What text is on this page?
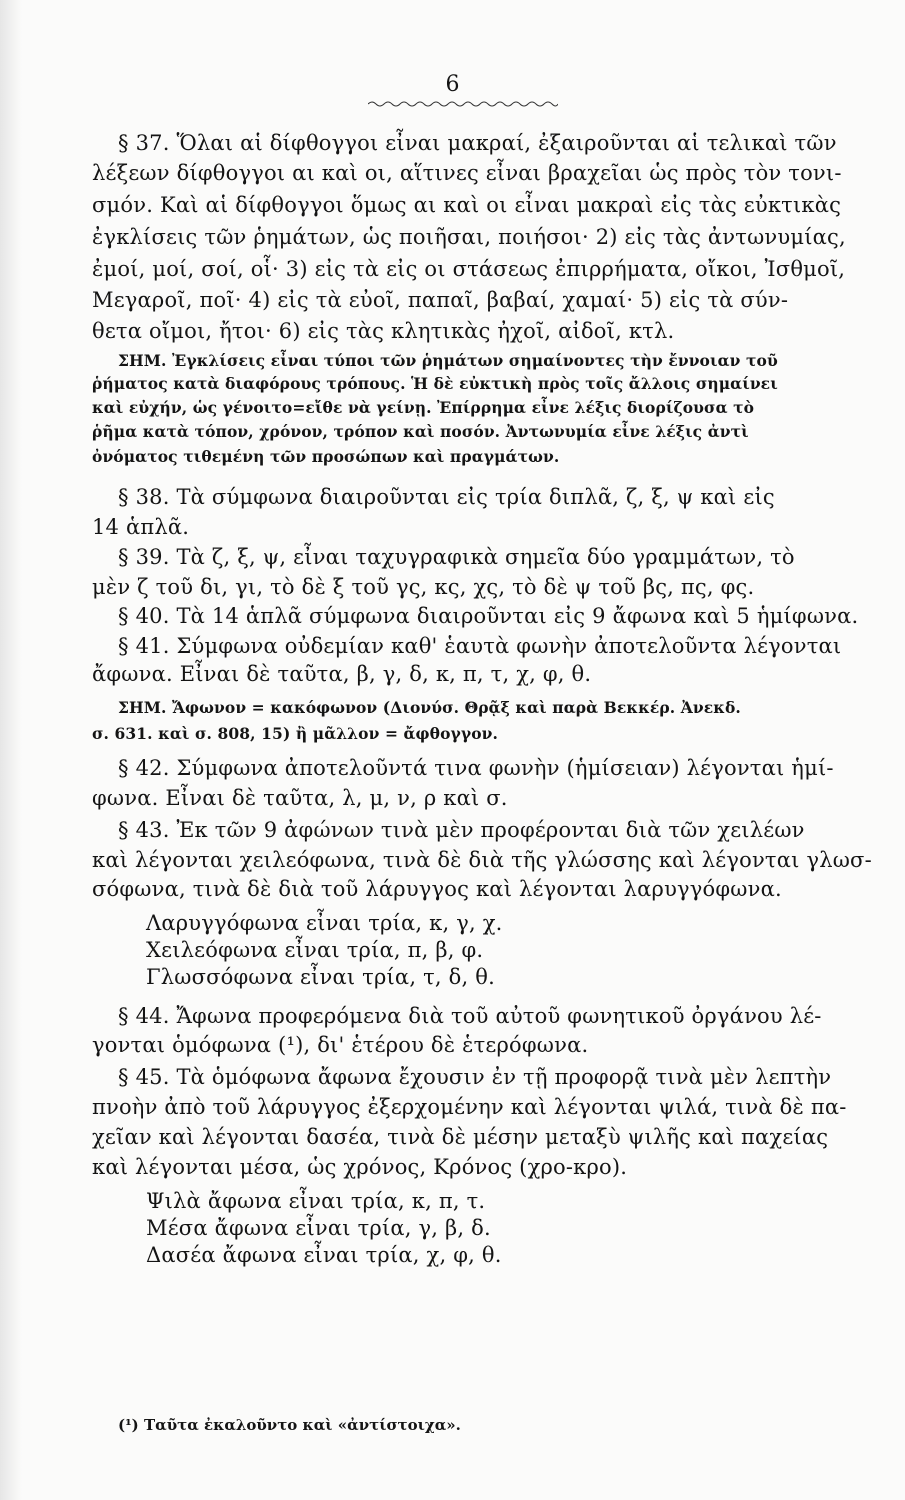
6
§ 37. Ὅλαι αἱ δίφθογγοι εἶναι μακραί, ἐξαιροῦνται αἱ τελικαὶ τῶν
λέξεων δίφθογγοι αι καὶ οι, αἵτινες εἶναι βραχεῖαι ὡς πρὸς τὸν τονι-
σμόν. Καὶ αἱ δίφθογγοι ὅμως αι καὶ οι εἶναι μακραὶ εἰς τὰς εὐκτικὰς
ἐγκλίσεις τῶν ῥημάτων, ὡς ποιῆσαι, ποιήσοι· 2) εἰς τὰς ἀντωνυμίας,
ἐμοί, μοί, σοί, οἷ· 3) εἰς τὰ εἰς οι στάσεως ἐπιρρήματα, οἴκοι, Ἰσθμοῖ,
Μεγαροῖ, ποῖ· 4) εἰς τὰ εὐοῖ, παπαῖ, βαβαί, χαμαί· 5) εἰς τὰ σύν-
θετα οἴμοι, ἤτοι· 6) εἰς τὰς κλητικὰς ἠχοῖ, αἰδοῖ, κτλ.
ΣΗΜ. Ἐγκλίσεις εἶναι τύποι τῶν ῥημάτων σημαίνοντες τὴν ἔννοιαν τοῦ
ῥήματος κατὰ διαφόρους τρόπους. Ἡ δὲ εὐκτικὴ πρὸς τοῖς ἄλλοις σημαίνει
καὶ εὐχήν, ὡς γένοιτο=εἴθε νὰ γείνῃ. Ἐπίρρημα εἶνε λέξις διορίζουσα τὸ
ῥῆμα κατὰ τόπον, χρόνον, τρόπον καὶ ποσόν. Ἀντωνυμία εἶνε λέξις ἀντὶ
ὀνόματος τιθεμένη τῶν προσώπων καὶ πραγμάτων.
§ 38. Τὰ σύμφωνα διαιροῦνται εἰς τρία διπλᾶ, ζ, ξ, ψ καὶ εἰς
14 ἁπλᾶ.
§ 39. Τὰ ζ, ξ, ψ, εἶναι ταχυγραφικὰ σημεῖα δύο γραμμάτων, τὸ
μὲν ζ τοῦ δι, γι, τὸ δὲ ξ τοῦ γς, κς, χς, τὸ δὲ ψ τοῦ βς, πς, φς.
§ 40. Τὰ 14 ἁπλᾶ σύμφωνα διαιροῦνται εἰς 9 ἄφωνα καὶ 5 ἡμίφωνα.
§ 41. Σύμφωνα οὐδεμίαν καθ' ἑαυτὰ φωνὴν ἀποτελοῦντα λέγονται
ἄφωνα. Εἶναι δὲ ταῦτα, β, γ, δ, κ, π, τ, χ, φ, θ.
ΣΗΜ. Ἄφωνον = κακόφωνον (Διονύσ. Θρᾷξ καὶ παρὰ Βεκκέρ. Ἀνεκδ.
σ. 631. καὶ σ. 808, 15) ἢ μᾶλλον = ἄφθογγον.
§ 42. Σύμφωνα ἀποτελοῦντά τινα φωνὴν (ἡμίσειαν) λέγονται ἡμί-
φωνα. Εἶναι δὲ ταῦτα, λ, μ, ν, ρ καὶ σ.
§ 43. Ἐκ τῶν 9 ἀφώνων τινὰ μὲν προφέρονται διὰ τῶν χειλέων
καὶ λέγονται χειλεόφωνα, τινὰ δὲ διὰ τῆς γλώσσης καὶ λέγονται γλωσ-
σόφωνα, τινὰ δὲ διὰ τοῦ λάρυγγος καὶ λέγονται λαρυγγόφωνα.
Λαρυγγόφωνα εἶναι τρία, κ, γ, χ.
Χειλεόφωνα εἶναι τρία, π, β, φ.
Γλωσσόφωνα εἶναι τρία, τ, δ, θ.
§ 44. Ἄφωνα προφερόμενα διὰ τοῦ αὐτοῦ φωνητικοῦ ὀργάνου λέ-
γονται ὁμόφωνα (¹), δι' ἑτέρου δὲ ἑτερόφωνα.
§ 45. Τὰ ὁμόφωνα ἄφωνα ἔχουσιν ἐν τῇ προφορᾷ τινὰ μὲν λεπτὴν
πνοὴν ἀπὸ τοῦ λάρυγγος ἐξερχομένην καὶ λέγονται ψιλά, τινὰ δὲ πα-
χεῖαν καὶ λέγονται δασέα, τινὰ δὲ μέσην μεταξὺ ψιλῆς καὶ παχείας
καὶ λέγονται μέσα, ὡς χρόνος, Κρόνος (χρο-κρο).
Ψιλὰ ἄφωνα εἶναι τρία, κ, π, τ.
Μέσα ἄφωνα εἶναι τρία, γ, β, δ.
Δασέα ἄφωνα εἶναι τρία, χ, φ, θ.
(¹) Ταῦτα ἐκαλοῦντο καὶ «ἀντίστοιχα».
